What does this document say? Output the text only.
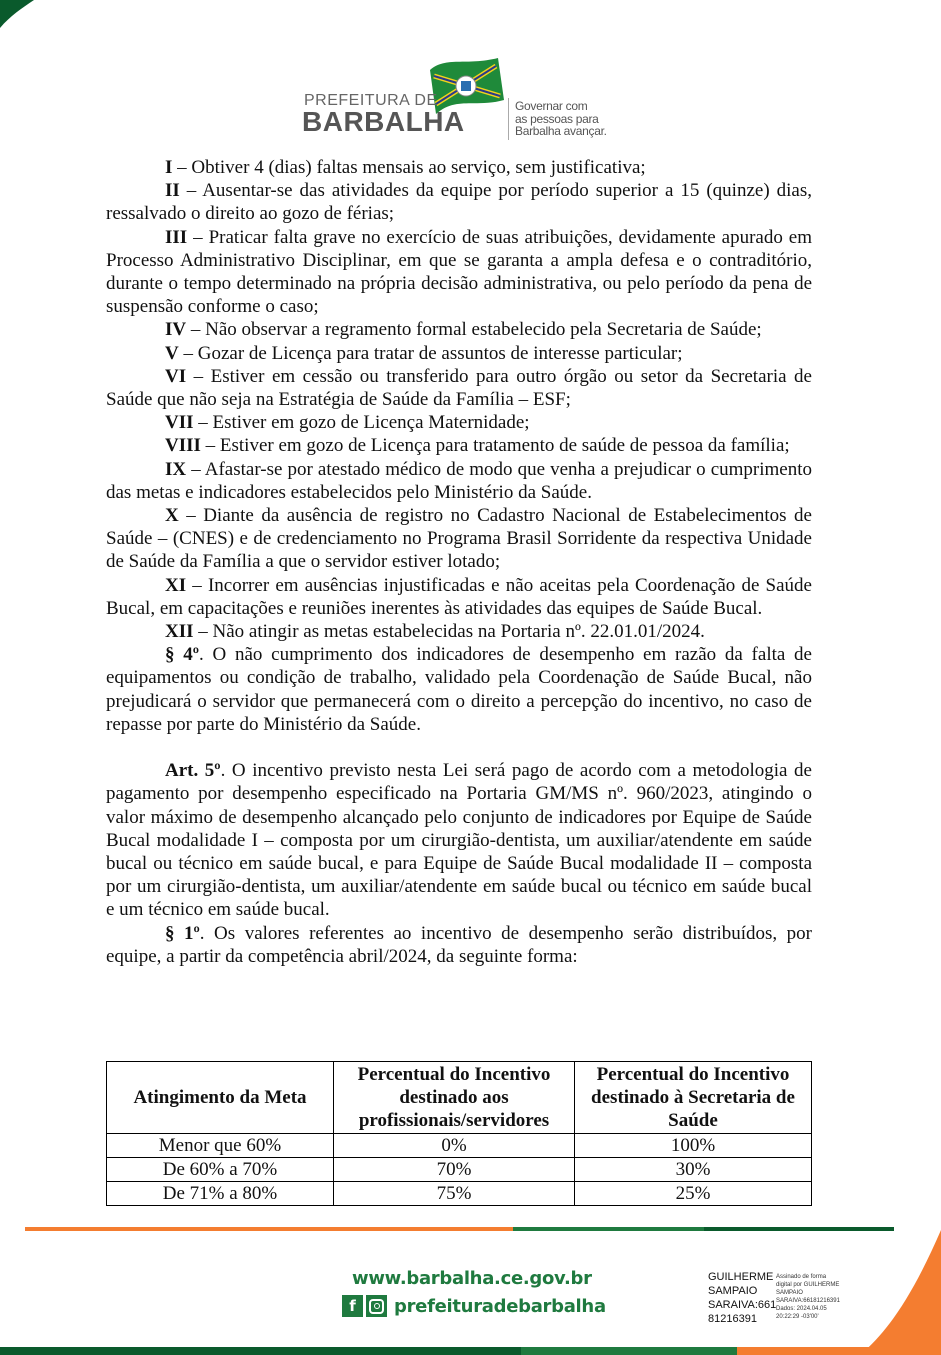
PREFEITURA DE
BARBALHA	Governar com
as pessoas para
Barbalha avançar.

I – Obtiver 4 (dias) faltas mensais ao serviço, sem justificativa;

II – Ausentar-se das atividades da equipe por período superior a 15 (quinze) dias, ressalvado o direito ao gozo de férias;

III – Praticar falta grave no exercício de suas atribuições, devidamente apurado em Processo Administrativo Disciplinar, em que se garanta a ampla defesa e o contraditório, durante o tempo determinado na própria decisão administrativa, ou pelo período da pena de suspensão conforme o caso;

IV – Não observar a regramento formal estabelecido pela Secretaria de Saúde;

V – Gozar de Licença para tratar de assuntos de interesse particular;

VI – Estiver em cessão ou transferido para outro órgão ou setor da Secretaria de Saúde que não seja na Estratégia de Saúde da Família – ESF;

VII – Estiver em gozo de Licença Maternidade;

VIII – Estiver em gozo de Licença para tratamento de saúde de pessoa da família;

IX – Afastar-se por atestado médico de modo que venha a prejudicar o cumprimento das metas e indicadores estabelecidos pelo Ministério da Saúde.

X – Diante da ausência de registro no Cadastro Nacional de Estabelecimentos de Saúde – (CNES) e de credenciamento no Programa Brasil Sorridente da respectiva Unidade de Saúde da Família a que o servidor estiver lotado;

XI – Incorrer em ausências injustificadas e não aceitas pela Coordenação de Saúde Bucal, em capacitações e reuniões inerentes às atividades das equipes de Saúde Bucal.

XII – Não atingir as metas estabelecidas na Portaria nº. 22.01.01/2024.

§ 4º. O não cumprimento dos indicadores de desempenho em razão da falta de equipamentos ou condição de trabalho, validado pela Coordenação de Saúde Bucal, não prejudicará o servidor que permanecerá com o direito a percepção do incentivo, no caso de repasse por parte do Ministério da Saúde.

Art. 5º. O incentivo previsto nesta Lei será pago de acordo com a metodologia de pagamento por desempenho especificado na Portaria GM/MS nº. 960/2023, atingindo o valor máximo de desempenho alcançado pelo conjunto de indicadores por Equipe de Saúde Bucal modalidade I – composta por um cirurgião-dentista, um auxiliar/atendente em saúde bucal ou técnico em saúde bucal, e para Equipe de Saúde Bucal modalidade II – composta por um cirurgião-dentista, um auxiliar/atendente em saúde bucal ou técnico em saúde bucal e um técnico em saúde bucal.

§ 1º. Os valores referentes ao incentivo de desempenho serão distribuídos, por equipe, a partir da competência abril/2024, da seguinte forma:

Atingimento da Meta	Percentual do Incentivo destinado aos profissionais/servidores	Percentual do Incentivo destinado à Secretaria de Saúde
Menor que 60%	0%	100%
De 60% a 70%	70%	30%
De 71% a 80%	75%	25%
www.barbalha.ce.gov.br
f	prefeituradebarbalha
GUILHERME
SAMPAIO
SARAIVA:661
81216391
Assinado de forma
digital por GUILHERME
SAMPAIO
SARAIVA:66181216391
Dados: 2024.04.05
20:22:29 -03'00'
